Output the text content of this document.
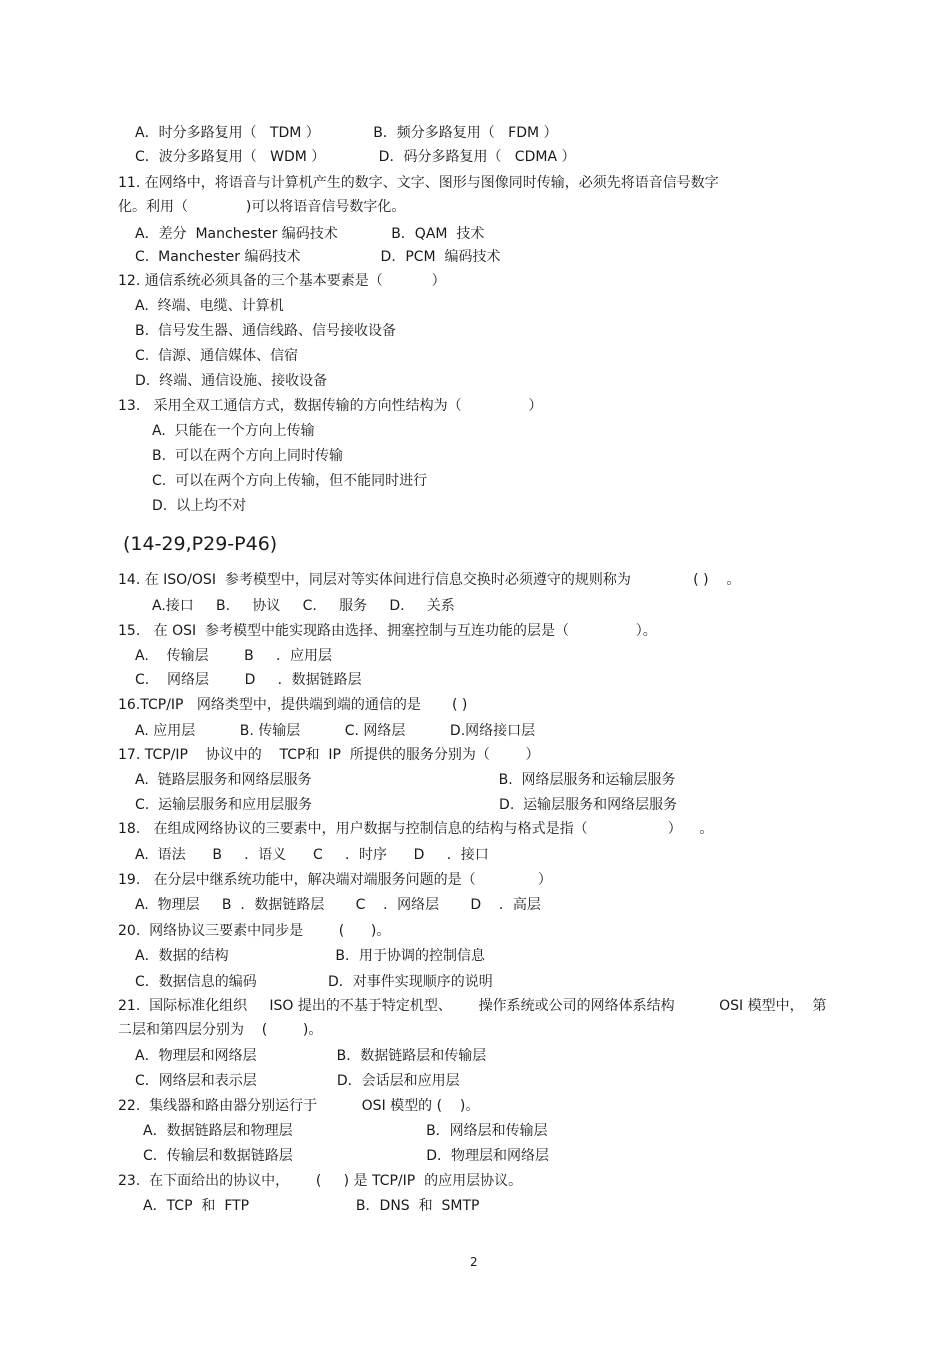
A．时分多路复用（   TDM ）            B．频分多路复用（   FDM ）
C．波分多路复用（   WDM ）            D．码分多路复用（   CDMA ）
11. 在网络中，将语音与计算机产生的数字、文字、图形与图像同时传输，必须先将语音信号数字
化。利用（             )可以将语音信号数字化。
A．差分  Manchester 编码技术            B．QAM  技术
C.  Manchester 编码技术                  D．PCM  编码技术
12. 通信系统必须具备的三个基本要素是（           ）
A.  终端、电缆、计算机
B.  信号发生器、通信线路、信号接收设备
C.  信源、通信媒体、信宿
D.  终端、通信设施、接收设备
13.   采用全双工通信方式，数据传输的方向性结构为（               ）
A.  只能在一个方向上传输
B.  可以在两个方向上同时传输
C.  可以在两个方向上传输，但不能同时进行
D.  以上均不对
(14-29,P29-P46)
14. 在 ISO/OSI  参考模型中，同层对等实体间进行信息交换时必须遵守的规则称为              ( )    。
A.接口     B.     协议     C.     服务     D.     关系
15.   在 OSI  参考模型中能实现路由选择、拥塞控制与互连功能的层是（               ）。
A.    传输层        B     ．应用层
C.    网络层        D     ．数据链路层
16.TCP/IP   网络类型中，提供端到端的通信的是       ( )
A. 应用层          B. 传输层          C. 网络层          D.网络接口层
17. TCP/IP    协议中的    TCP和  IP  所提供的服务分别为（        ）
A.  链路层服务和网络层服务                                          B.  网络层服务和运输层服务
C.  运输层服务和应用层服务                                          D.  运输层服务和网络层服务
18.   在组成网络协议的三要素中，用户数据与控制信息的结构与格式是指（                  ）    。
A.  语法      B     ．语义      C     ．时序      D     ．接口
19.   在分层中继系统功能中，解决端对端服务问题的是（              ）
A.  物理层     B  ．数据链路层       C    ．网络层       D    ．高层
20.  网络协议三要素中同步是        (      )。
A．数据的结构                        B．用于协调的控制信息
C．数据信息的编码                D．对事件实现顺序的说明
21.  国际标准化组织     ISO 提出的不基于特定机型、      操作系统或公司的网络体系结构          OSI 模型中，  第
二层和第四层分别为    (        )。
A．物理层和网络层                  B．数据链路层和传输层
C．网络层和表示层                  D．会话层和应用层
22.  集线器和路由器分别运行于          OSI 模型的 (    )。
A．数据链路层和物理层                              B．网络层和传输层
C．传输层和数据链路层                              D．物理层和网络层
23.  在下面给出的协议中，      (     ) 是 TCP/IP  的应用层协议。
A．TCP  和  FTP                        B．DNS  和  SMTP
2
